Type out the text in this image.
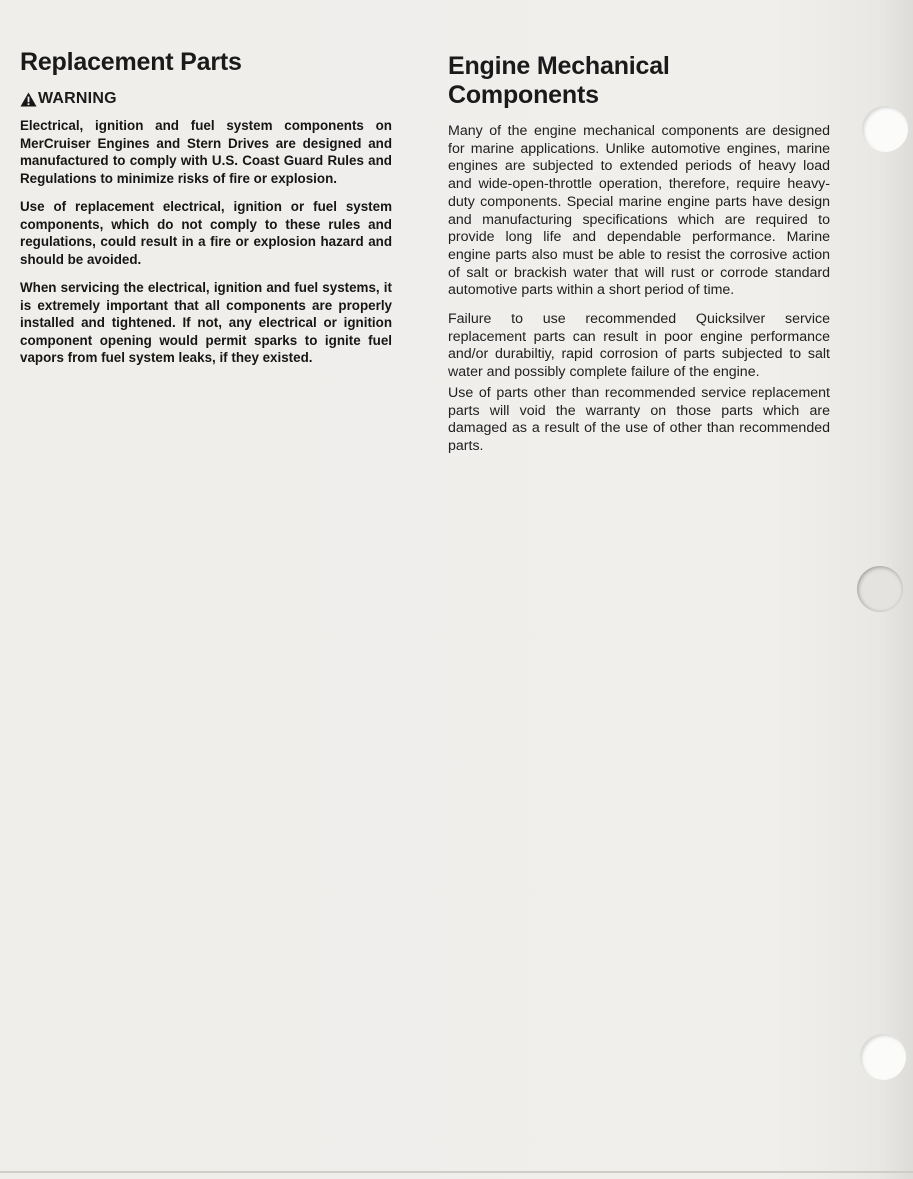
Replacement Parts
WARNING

Electrical, ignition and fuel system components on MerCruiser Engines and Stern Drives are designed and manufactured to comply with U.S. Coast Guard Rules and Regulations to minimize risks of fire or explosion.

Use of replacement electrical, ignition or fuel system components, which do not comply to these rules and regulations, could result in a fire or explosion hazard and should be avoided.

When servicing the electrical, ignition and fuel systems, it is extremely important that all components are properly installed and tightened. If not, any electrical or ignition component opening would permit sparks to ignite fuel vapors from fuel system leaks, if they existed.

Engine Mechanical
Components

Many of the engine mechanical components are designed for marine applications. Unlike automotive engines, marine engines are subjected to extended periods of heavy load and wide-open-throttle operation, therefore, require heavy-duty components. Special marine engine parts have design and manufacturing specifications which are required to provide long life and dependable performance. Marine engine parts also must be able to resist the corrosive action of salt or brackish water that will rust or corrode standard automotive parts within a short period of time.

Failure to use recommended Quicksilver service replacement parts can result in poor engine performance and/or durabiltiy, rapid corrosion of parts subjected to salt water and possibly complete failure of the engine.

Use of parts other than recommended service replacement parts will void the warranty on those parts which are damaged as a result of the use of other than recommended parts.
